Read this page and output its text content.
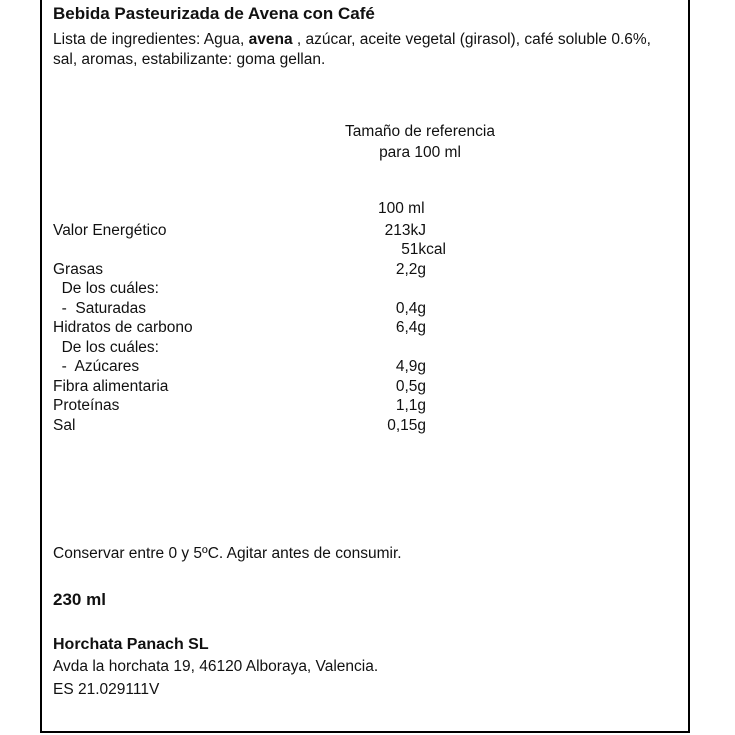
Bebida Pasteurizada de Avena con Café
Lista de ingredientes: Agua, avena , azúcar, aceite vegetal (girasol), café soluble 0.6%, sal, aromas, estabilizante: goma gellan.
Tamaño de referencia
para 100 ml
100 ml
Valor Energético	213kJ
51kcal
Grasas	2,2g
De los cuáles:
-  Saturadas	0,4g
Hidratos de carbono	6,4g
De los cuáles:
-  Azúcares	4,9g
Fibra alimentaria	0,5g
Proteínas	1,1g
Sal	0,15g
Conservar entre 0 y 5ºC. Agitar antes de consumir.
230 ml
Horchata Panach SL
Avda la horchata 19, 46120 Alboraya, Valencia.
ES 21.029111V
